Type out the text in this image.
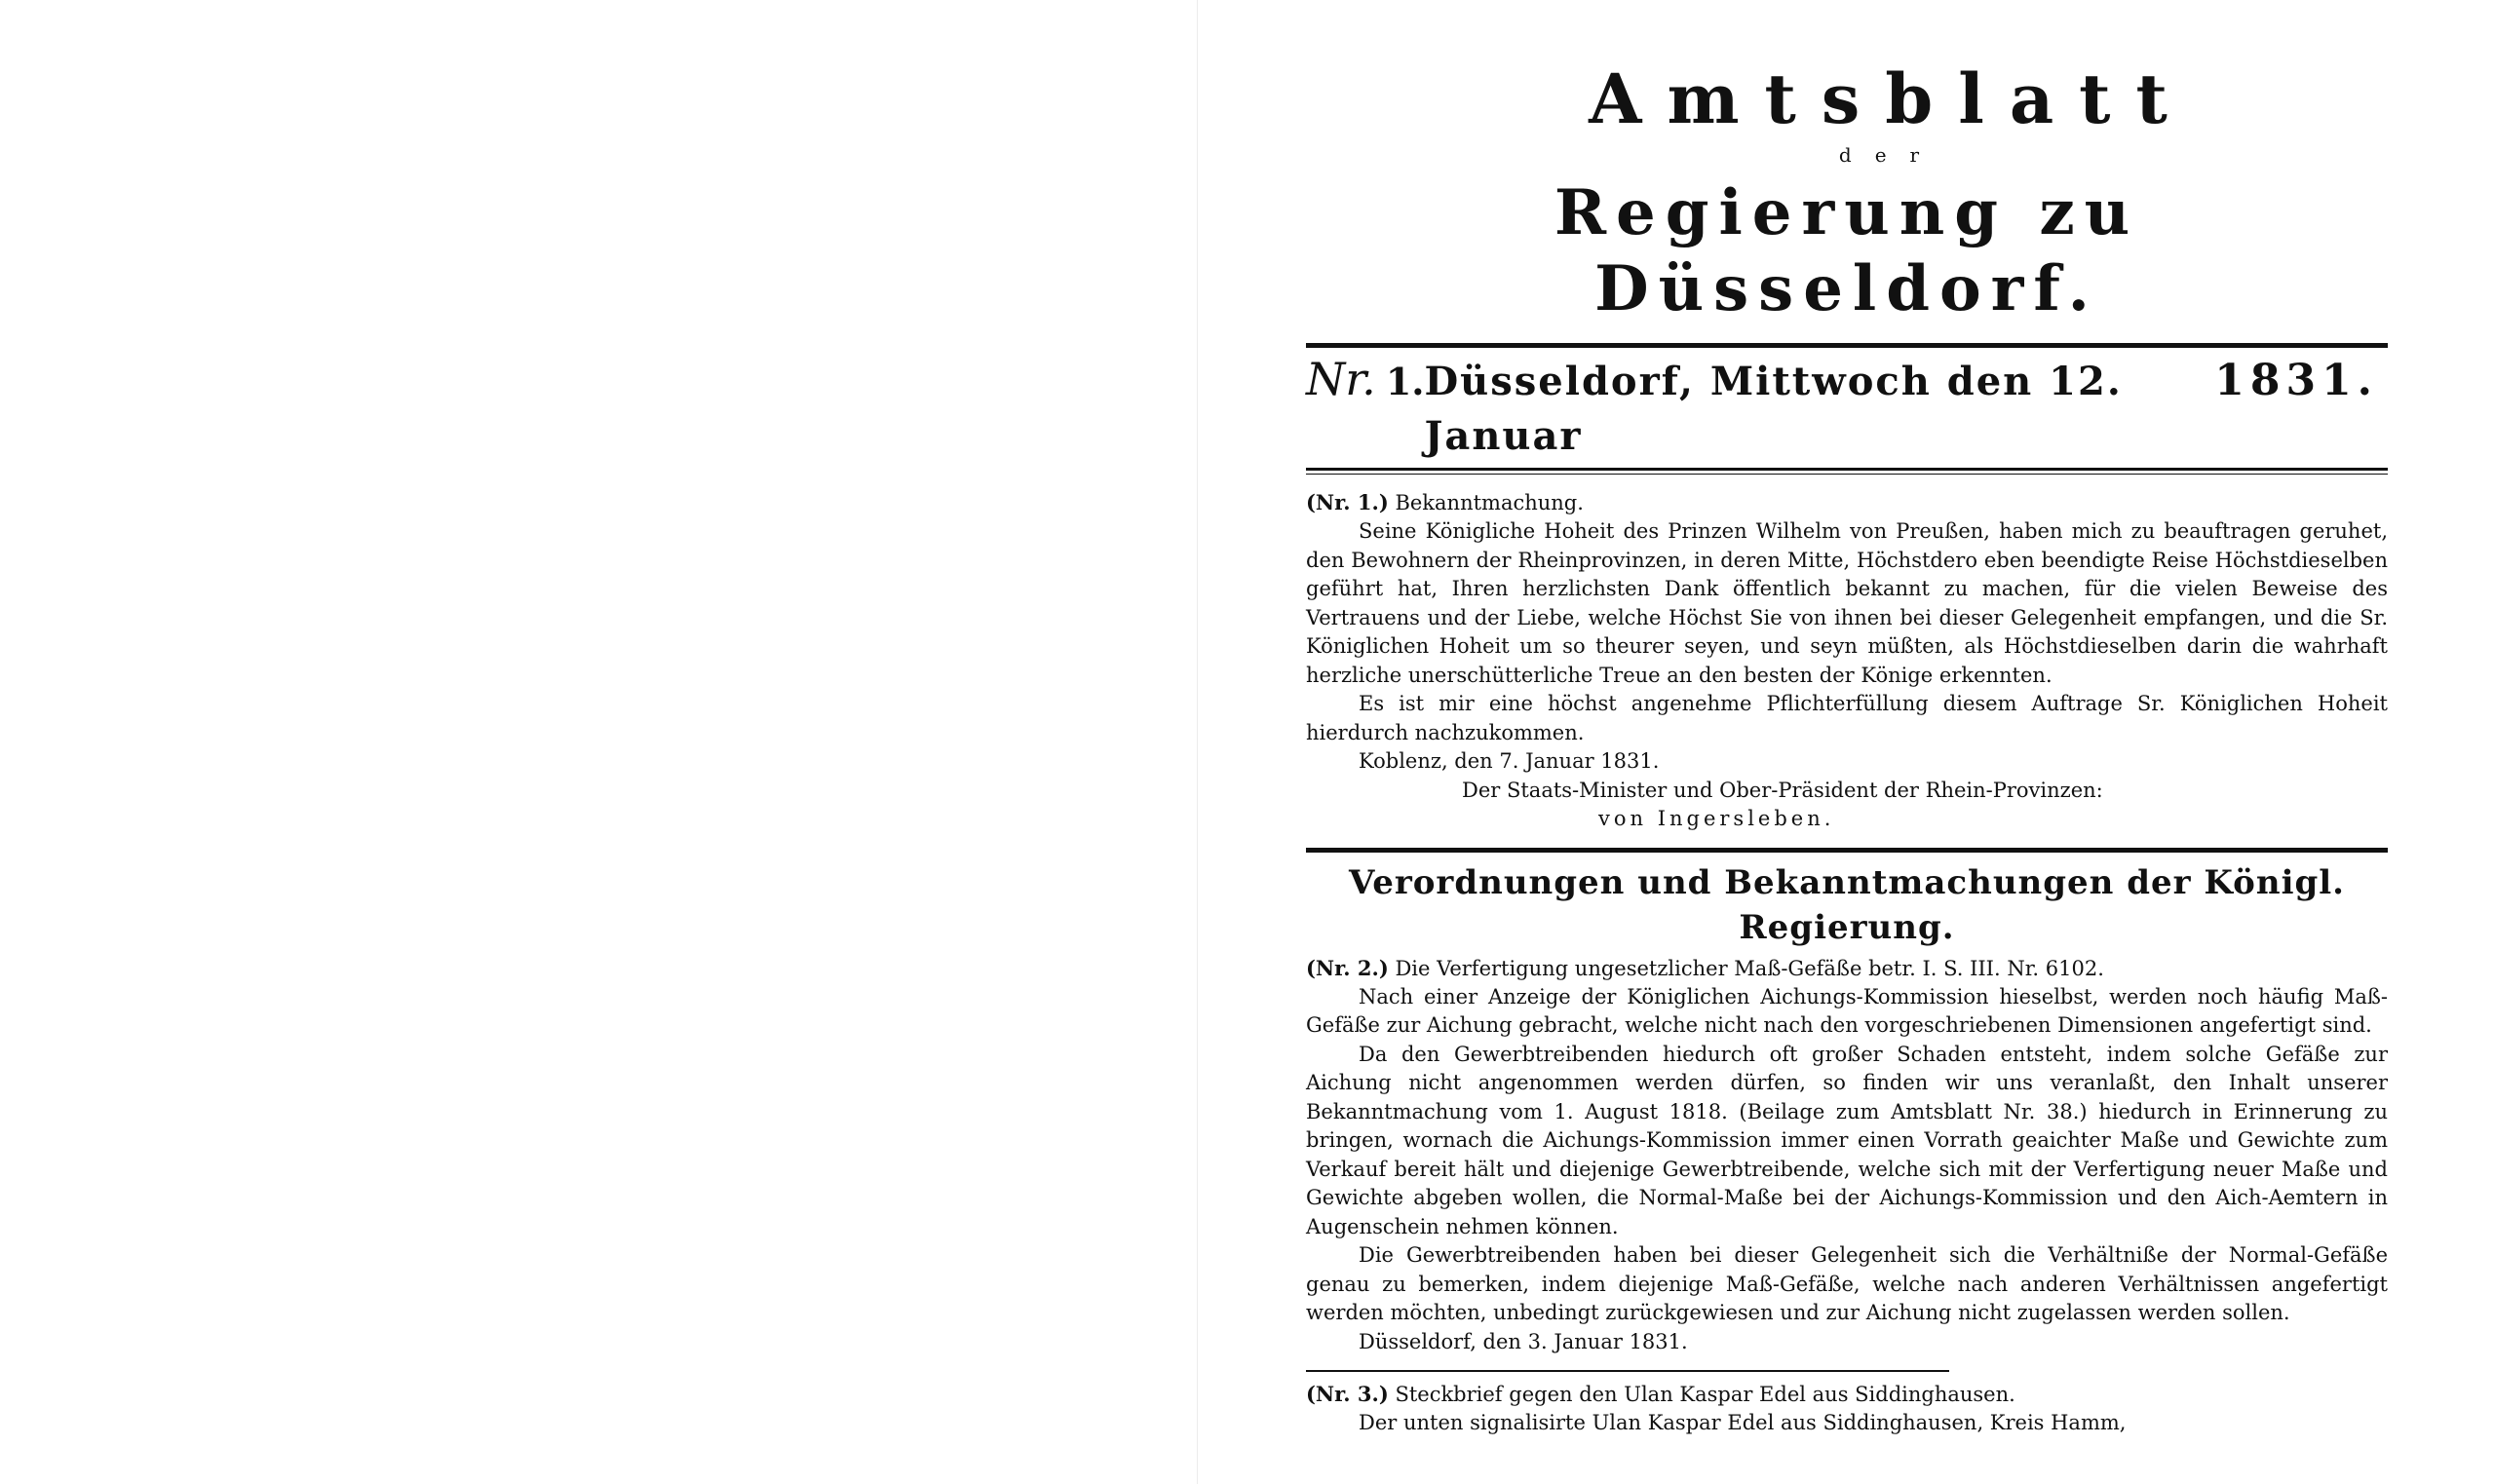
Amtsblatt
der
Regierung zu Düsseldorf.
Nr. 1. Düsseldorf, Mittwoch den 12. Januar
1831.
(Nr. 1.) Bekanntmachung.

Seine Königliche Hoheit des Prinzen Wilhelm von Preußen, haben mich zu beauftragen geruhet, den Bewohnern der Rheinprovinzen, in deren Mitte, Höchstdero eben beendigte Reise Höchstdieselben geführt hat, Ihren herzlichsten Dank öffentlich bekannt zu machen, für die vielen Beweise des Vertrauens und der Liebe, welche Höchst Sie von ihnen bei dieser Gelegenheit empfangen, und die Sr. Königlichen Hoheit um so theurer seyen, und seyn müßten, als Höchstdieselben darin die wahrhaft herzliche unerschütterliche Treue an den besten der Könige erkennten.

Es ist mir eine höchst angenehme Pflichterfüllung diesem Auftrage Sr. Königlichen Hoheit hierdurch nachzukommen.

Koblenz, den 7. Januar 1831.

Der Staats-Minister und Ober-Präsident der Rhein-Provinzen:

von Ingersleben.

Verordnungen und Bekanntmachungen der Königl. Regierung.
(Nr. 2.) Die Verfertigung ungesetzlicher Maß-Gefäße betr. I. S. III. Nr. 6102.

Nach einer Anzeige der Königlichen Aichungs-Kommission hieselbst, werden noch häufig Maß-Gefäße zur Aichung gebracht, welche nicht nach den vorgeschriebenen Dimensionen angefertigt sind.

Da den Gewerbtreibenden hiedurch oft großer Schaden entsteht, indem solche Gefäße zur Aichung nicht angenommen werden dürfen, so finden wir uns veranlaßt, den Inhalt unserer Bekanntmachung vom 1. August 1818. (Beilage zum Amtsblatt Nr. 38.) hiedurch in Erinnerung zu bringen, wornach die Aichungs-Kommission immer einen Vorrath geaichter Maße und Gewichte zum Verkauf bereit hält und diejenige Gewerbtreibende, welche sich mit der Verfertigung neuer Maße und Gewichte abgeben wollen, die Normal-Maße bei der Aichungs-Kommission und den Aich-Aemtern in Augenschein nehmen können.

Die Gewerbtreibenden haben bei dieser Gelegenheit sich die Verhältniße der Normal-Gefäße genau zu bemerken, indem diejenige Maß-Gefäße, welche nach anderen Verhältnissen angefertigt werden möchten, unbedingt zurückgewiesen und zur Aichung nicht zugelassen werden sollen.

Düsseldorf, den 3. Januar 1831.

(Nr. 3.) Steckbrief gegen den Ulan Kaspar Edel aus Siddinghausen.

Der unten signalisirte Ulan Kaspar Edel aus Siddinghausen, Kreis Hamm,
